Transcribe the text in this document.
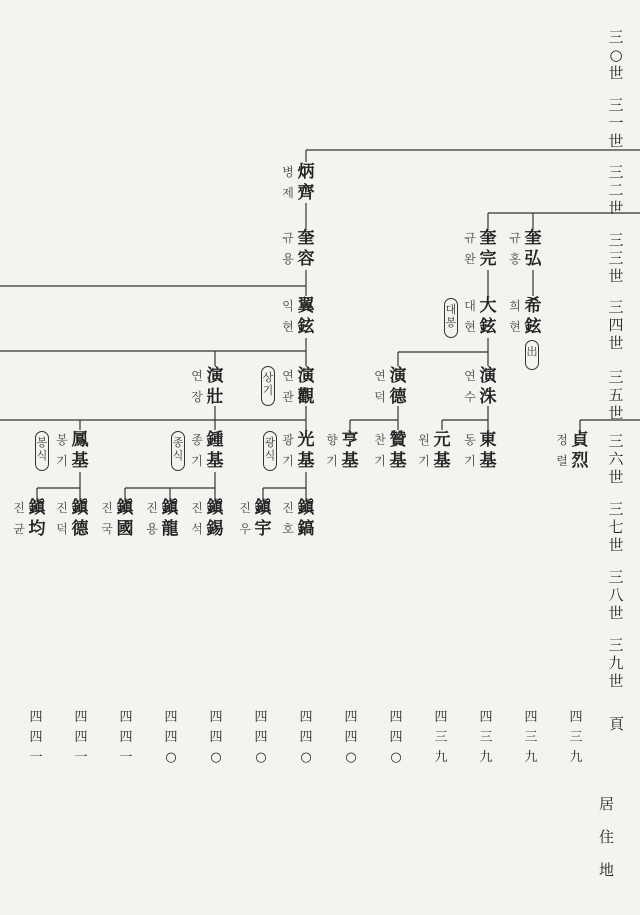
三○世
三一世
三二世
三三世
三四世
三五世
三六世
三七世
三八世
三九世
炳齊
병제
奎容
규용
奎完
규완
奎弘
규홍
翼鉉
익현
大鉉
대현
대봉
希鉉
희현
出
演壯
연장
演觀
연관
상기
演德
연덕
演洙
연수
鳳基
봉기
봉식
鍾基
종기
종식
光基
광기
광식
亨基
향기
贊基
찬기
元基
원기
東基
동기
貞烈
정렬
鎭均
진균
鎭德
진덕
鎭國
진국
鎭龍
진용
鎭錫
진석
鎭宇
진우
鎭鎬
진호
四四一
四四一
四四一
四四○
四四○
四四○
四四○
四四○
四四○
四三九
四三九
四三九
四三九
頁
居住地
